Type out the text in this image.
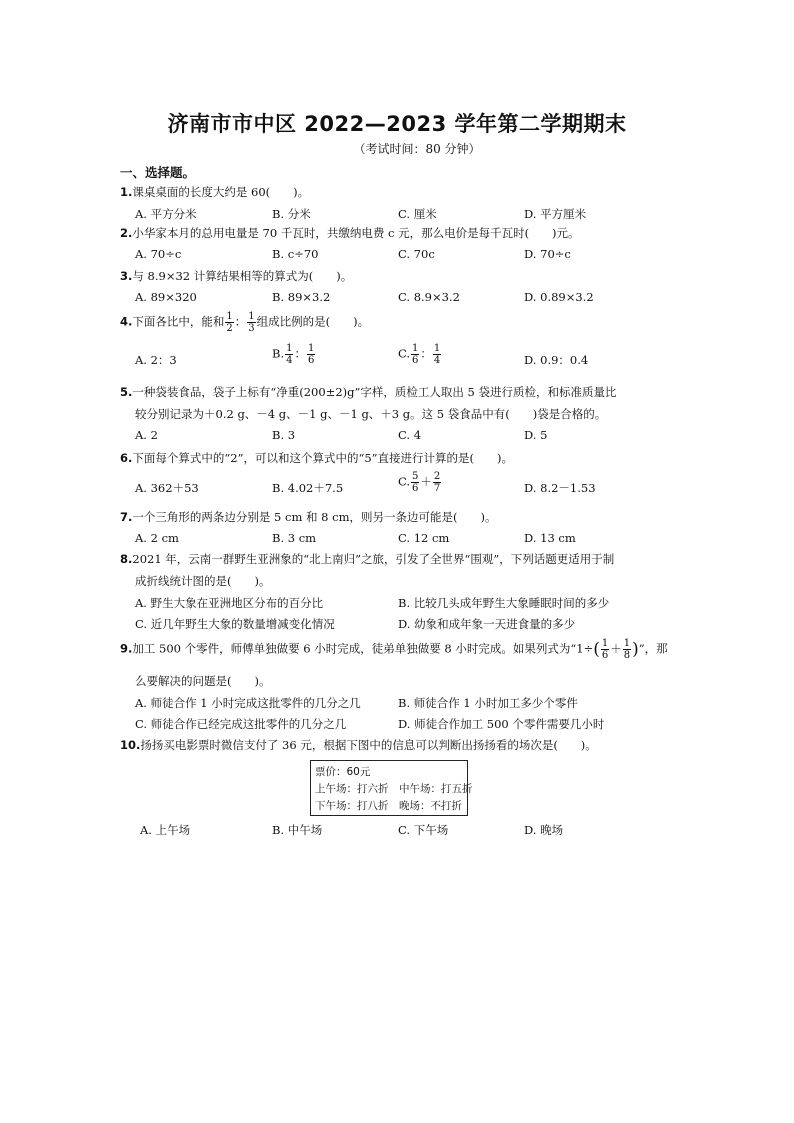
济南市市中区 2022—2023 学年第二学期期末
（考试时间：80 分钟）
一、选择题。
1.课桌桌面的长度大约是 60(　　)。
A. 平方分米	B. 分米	C. 厘米	D. 平方厘米
2.小华家本月的总用电量是 70 千瓦时，共缴纳电费 c 元，那么电价是每千瓦时(　　)元。
A. 70÷c	B. c÷70	C. 70c	D. 70÷c
3.与 8.9×32 计算结果相等的算式为(　　)。
A. 89×320	B. 89×3.2	C. 8.9×3.2	D. 0.89×3.2
4.下面各比中，能和 $\frac{1}{2}$ ： $\frac{1}{3}$ 组成比例的是(　　)。
A. 2：3	B. $\frac{1}{4}$ ： $\frac{1}{6}$	C. $\frac{1}{6}$ ： $\frac{1}{4}$	D. 0.9：0.4
5.一种袋装食品，袋子上标有“净重(200±2)g”字样，质检工人取出 5 袋进行质检，和标准质量比
较分别记录为＋0.2 g、－4 g、－1 g、－1 g、＋3 g。这 5 袋食品中有(　　)袋是合格的。
A. 2	B. 3	C. 4	D. 5
6.下面每个算式中的“2”，可以和这个算式中的“5”直接进行计算的是(　　)。
A. 362＋53	B. 4.02＋7.5	C. $\frac{5}{6} + \frac{2}{7}$	D. 8.2－1.53
7.一个三角形的两条边分别是 5 cm 和 8 cm，则另一条边可能是(　　)。
A. 2 cm	B. 3 cm	C. 12 cm	D. 13 cm
8.2021 年，云南一群野生亚洲象的“北上南归”之旅，引发了全世界“围观”，下列话题更适用于制
成折线统计图的是(　　)。
A. 野生大象在亚洲地区分布的百分比	B. 比较几头成年野生大象睡眠时间的多少
C. 近几年野生大象的数量增减变化情况	D. 幼象和成年象一天进食量的多少
9.加工 500 个零件，师傅单独做要 6 小时完成，徒弟单独做要 8 小时完成。如果列式为“$1\div( \frac{1}{6} + \frac{1}{8}$ )”，那
么要解决的问题是(　　)。
A. 师徒合作 1 小时完成这批零件的几分之几	B. 师徒合作 1 小时加工多少个零件
C. 师徒合作已经完成这批零件的几分之几	D. 师徒合作加工 500 个零件需要几小时
10.扬扬买电影票时微信支付了 36 元，根据下图中的信息可以判断出扬扬看的场次是(　　)。
票价：60元
上午场：打六折　中午场：打五折
下午场：打八折　晚场：不打折
A. 上午场	B. 中午场	C. 下午场	D. 晚场
